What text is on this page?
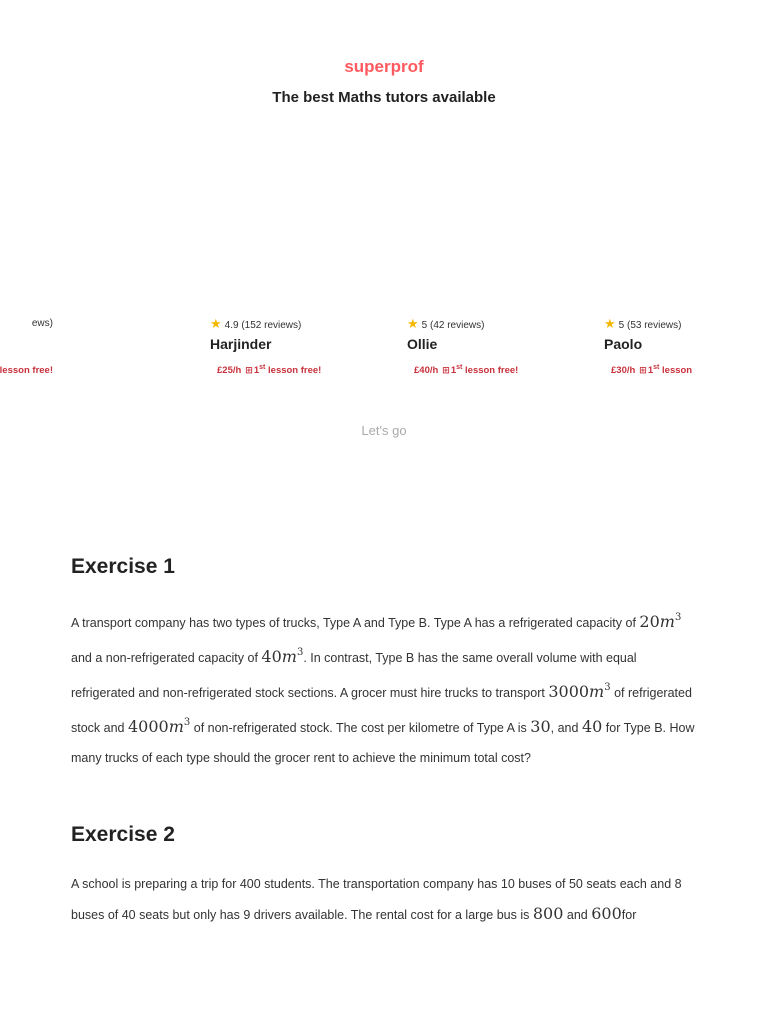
superprof
The best Maths tutors available
ews)
lesson free!
★ 4.9 (152 reviews)
Harjinder
£25/h ⊞1st lesson free!
★ 5 (42 reviews)
Ollie
£40/h ⊞1st lesson free!
★ 5 (53 reviews)
Paolo
£30/h ⊞1st lesson
Let's go
Exercise 1

A transport company has two types of trucks, Type A and Type B. Type A has a refrigerated capacity of $20m^3$ and a non-refrigerated capacity of $40m^3$. In contrast, Type B has the same overall volume with equal refrigerated and non-refrigerated stock sections. A grocer must hire trucks to transport $3000m^3$ of refrigerated stock and $4000m^3$ of non-refrigerated stock. The cost per kilometre of Type A is 30, and 40 for Type B. How many trucks of each type should the grocer rent to achieve the minimum total cost?

Exercise 2

A school is preparing a trip for 400 students. The transportation company has 10 buses of 50 seats each and 8 buses of 40 seats but only has 9 drivers available. The rental cost for a large bus is 800 and 600for
